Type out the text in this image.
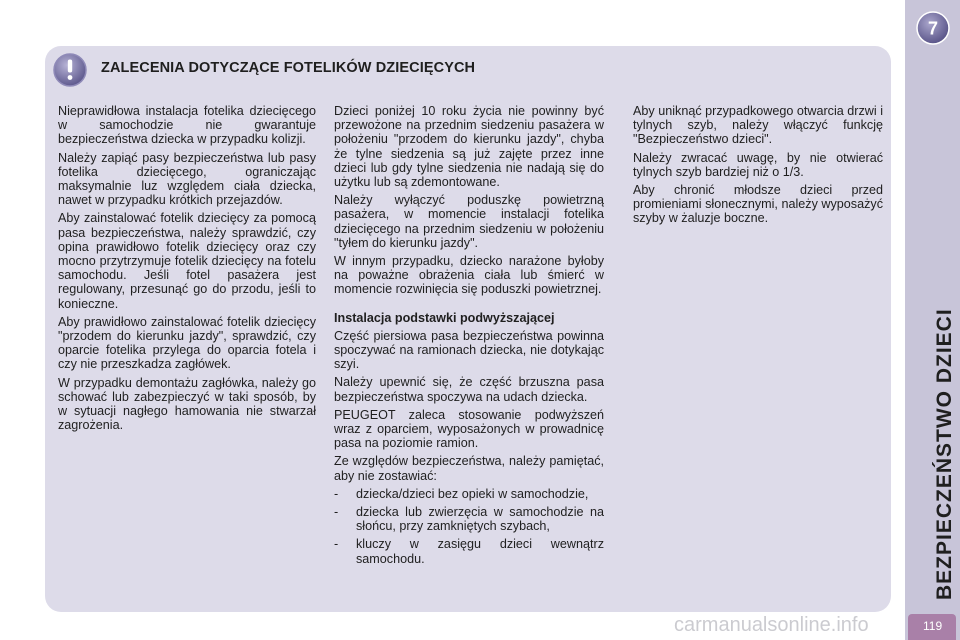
ZALECENIA DOTYCZĄCE FOTELIKÓW DZIECIĘCYCH

Nieprawidłowa instalacja fotelika dziecięcego w samochodzie nie gwarantuje bezpieczeństwa dziecka w przypadku kolizji.

Należy zapiąć pasy bezpieczeństwa lub pasy fotelika dziecięcego, ograniczając maksymalnie luz względem ciała dziecka, nawet w przypadku krótkich przejazdów.

Aby zainstalować fotelik dziecięcy za pomocą pasa bezpieczeństwa, należy sprawdzić, czy opina prawidłowo fotelik dziecięcy oraz czy mocno przytrzymuje fotelik dziecięcy na fotelu samochodu. Jeśli fotel pasażera jest regulowany, przesunąć go do przodu, jeśli to konieczne.

Aby prawidłowo zainstalować fotelik dziecięcy "przodem do kierunku jazdy", sprawdzić, czy oparcie fotelika przylega do oparcia fotela i czy nie przeszkadza zagłówek.

W przypadku demontażu zagłówka, należy go schować lub zabezpieczyć w taki sposób, by w sytuacji nagłego hamowania nie stwarzał zagrożenia.

Dzieci poniżej 10 roku życia nie powinny być przewożone na przednim siedzeniu pasażera w położeniu "przodem do kierunku jazdy", chyba że tylne siedzenia są już zajęte przez inne dzieci lub gdy tylne siedzenia nie nadają się do użytku lub są zdemontowane.

Należy wyłączyć poduszkę powietrzną pasażera, w momencie instalacji fotelika dziecięcego na przednim siedzeniu w położeniu "tyłem do kierunku jazdy".

W innym przypadku, dziecko narażone byłoby na poważne obrażenia ciała lub śmierć w momencie rozwinięcia się poduszki powietrznej.

Instalacja podstawki podwyższającej

Część piersiowa pasa bezpieczeństwa powinna spoczywać na ramionach dziecka, nie dotykając szyi.

Należy upewnić się, że część brzuszna pasa bezpieczeństwa spoczywa na udach dziecka.

PEUGEOT zaleca stosowanie podwyższeń wraz z oparciem, wyposażonych w prowadnicę pasa na poziomie ramion.

Ze względów bezpieczeństwa, należy pamiętać, aby nie zostawiać:

-	dziecka/dzieci bez opieki w samochodzie,
-	dziecka lub zwierzęcia w samochodzie na słońcu, przy zamkniętych szybach,
-	kluczy w zasięgu dzieci wewnątrz samochodu.

Aby uniknąć przypadkowego otwarcia drzwi i tylnych szyb, należy włączyć funkcję "Bezpieczeństwo dzieci".

Należy zwracać uwagę, by nie otwierać tylnych szyb bardziej niż o 1/3.

Aby chronić młodsze dzieci przed promieniami słonecznymi, należy wyposażyć szyby w żaluzje boczne.

7
BEZPIECZEŃSTWO DZIECI
119
carmanualsonline.info
